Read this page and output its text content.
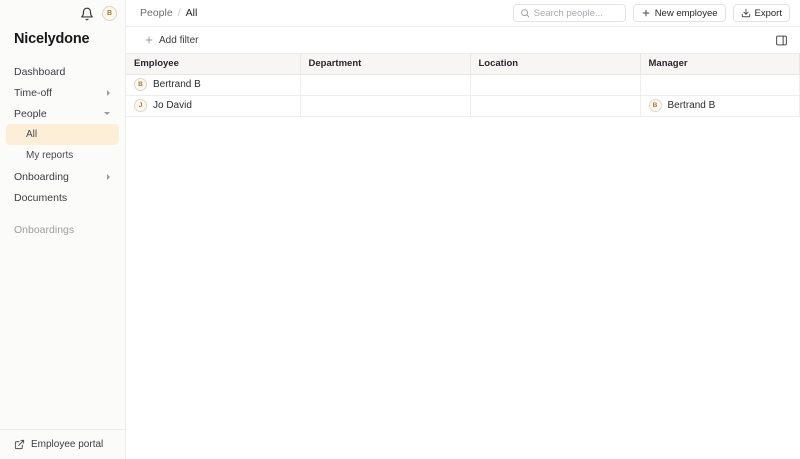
B
Nicelydone
Dashboard
Time-off
People
All
My reports
Onboarding
Documents
Onboardings
Employee portal
People / All
Search people...	New employee	Export
Add filter
Employee	Department	Location	Manager

B Bertrand B			

J Jo David			B Bertrand B
